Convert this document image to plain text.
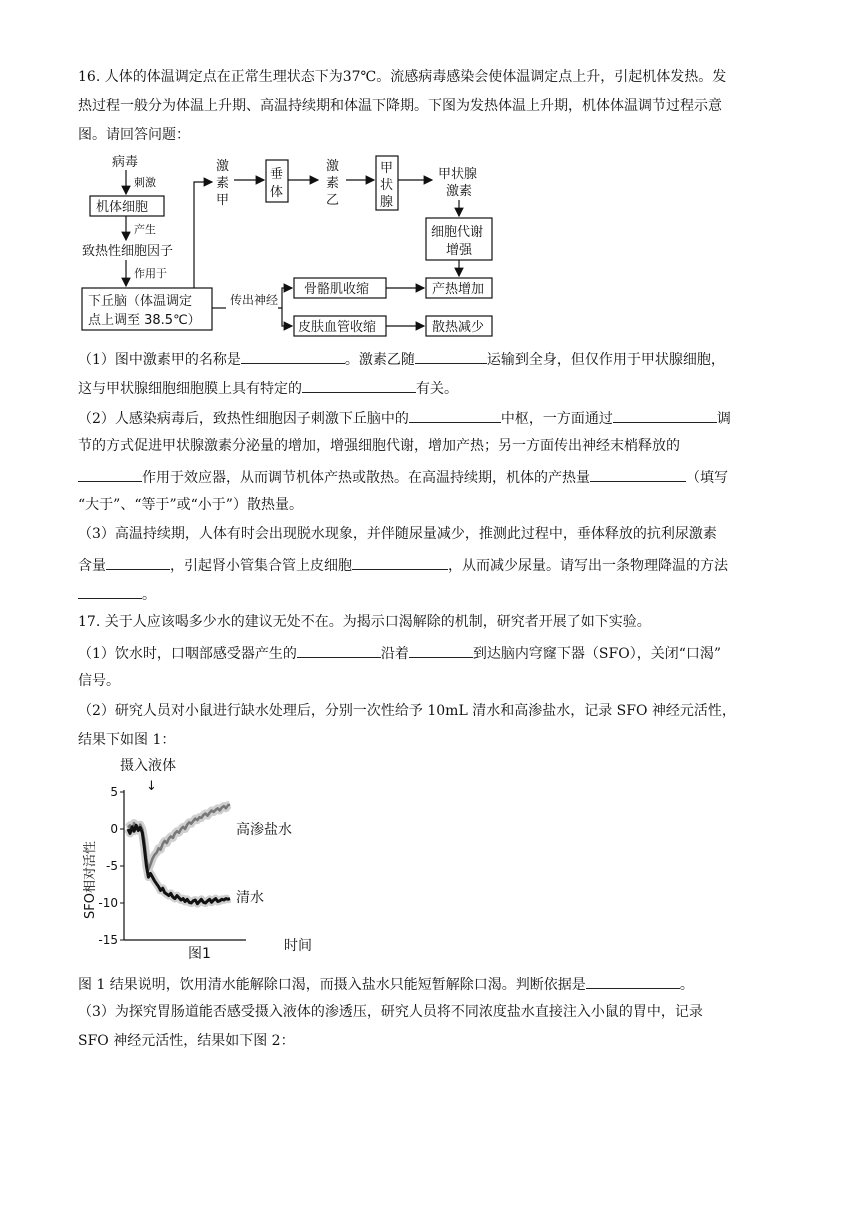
16. 人体的体温调定点在正常生理状态下为37℃。流感病毒感染会使体温调定点上升，引起机体发热。发
热过程一般分为体温上升期、高温持续期和体温下降期。下图为发热体温上升期，机体体温调节过程示意
图。请回答问题：
病毒
刺激
机体细胞
产生
致热性细胞因子
作用于
下丘脑（体温调定
点上调至 38.5℃）
激
素
甲
垂
体
激
素
乙
甲
状
腺
甲状腺
激素
细胞代谢
增强
传出神经
骨骼肌收缩
皮肤血管收缩
产热增加
散热减少
（1）图中激素甲的名称是	。激素乙随	运输到全身，但仅作用于甲状腺细胞，
这与甲状腺细胞细胞膜上具有特定的	有关。
（2）人感染病毒后，致热性细胞因子刺激下丘脑中的	中枢，一方面通过	调
节的方式促进甲状腺激素分泌量的增加，增强细胞代谢，增加产热；另一方面传出神经末梢释放的
作用于效应器，从而调节机体产热或散热。在高温持续期，机体的产热量	（填写
“大于”、“等于”或“小于”）散热量。
（3）高温持续期，人体有时会出现脱水现象，并伴随尿量减少，推测此过程中，垂体释放的抗利尿激素
含量	，引起肾小管集合管上皮细胞	，从而减少尿量。请写出一条物理降温的方法
。
17. 关于人应该喝多少水的建议无处不在。为揭示口渴解除的机制，研究者开展了如下实验。
（1）饮水时，口咽部感受器产生的	沿着	到达脑内穹窿下器（SFO），关闭“口渴”
信号。
（2）研究人员对小鼠进行缺水处理后，分别一次性给予 10mL 清水和高渗盐水，记录 SFO 神经元活性，
结果下如图 1：
摄入液体
↓
SFO相对活性
5
0
-5
-10
-15
高渗盐水
清水
图1	时间
图 1 结果说明，饮用清水能解除口渴，而摄入盐水只能短暂解除口渴。判断依据是	。
（3）为探究胃肠道能否感受摄入液体的渗透压，研究人员将不同浓度盐水直接注入小鼠的胃中，记录
SFO 神经元活性，结果如下图 2：
